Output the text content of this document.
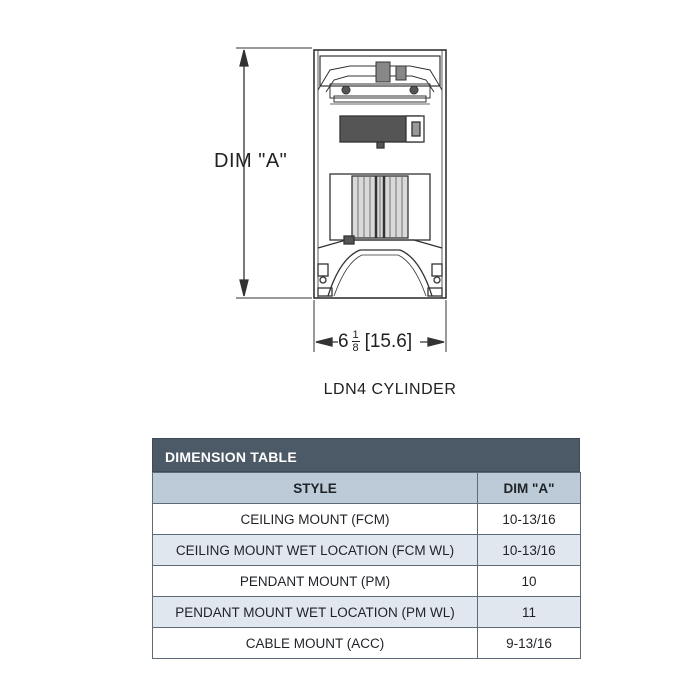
DIM "A"
$6 \frac{1}{8} [15.6]$
LDN4 CYLINDER
DIMENSION TABLE
STYLE	DIM "A"
CEILING MOUNT (FCM)	10-13/16
CEILING MOUNT WET LOCATION (FCM WL)	10-13/16
PENDANT MOUNT (PM)	10
PENDANT MOUNT WET LOCATION (PM WL)	11
CABLE MOUNT (ACC)	9-13/16
